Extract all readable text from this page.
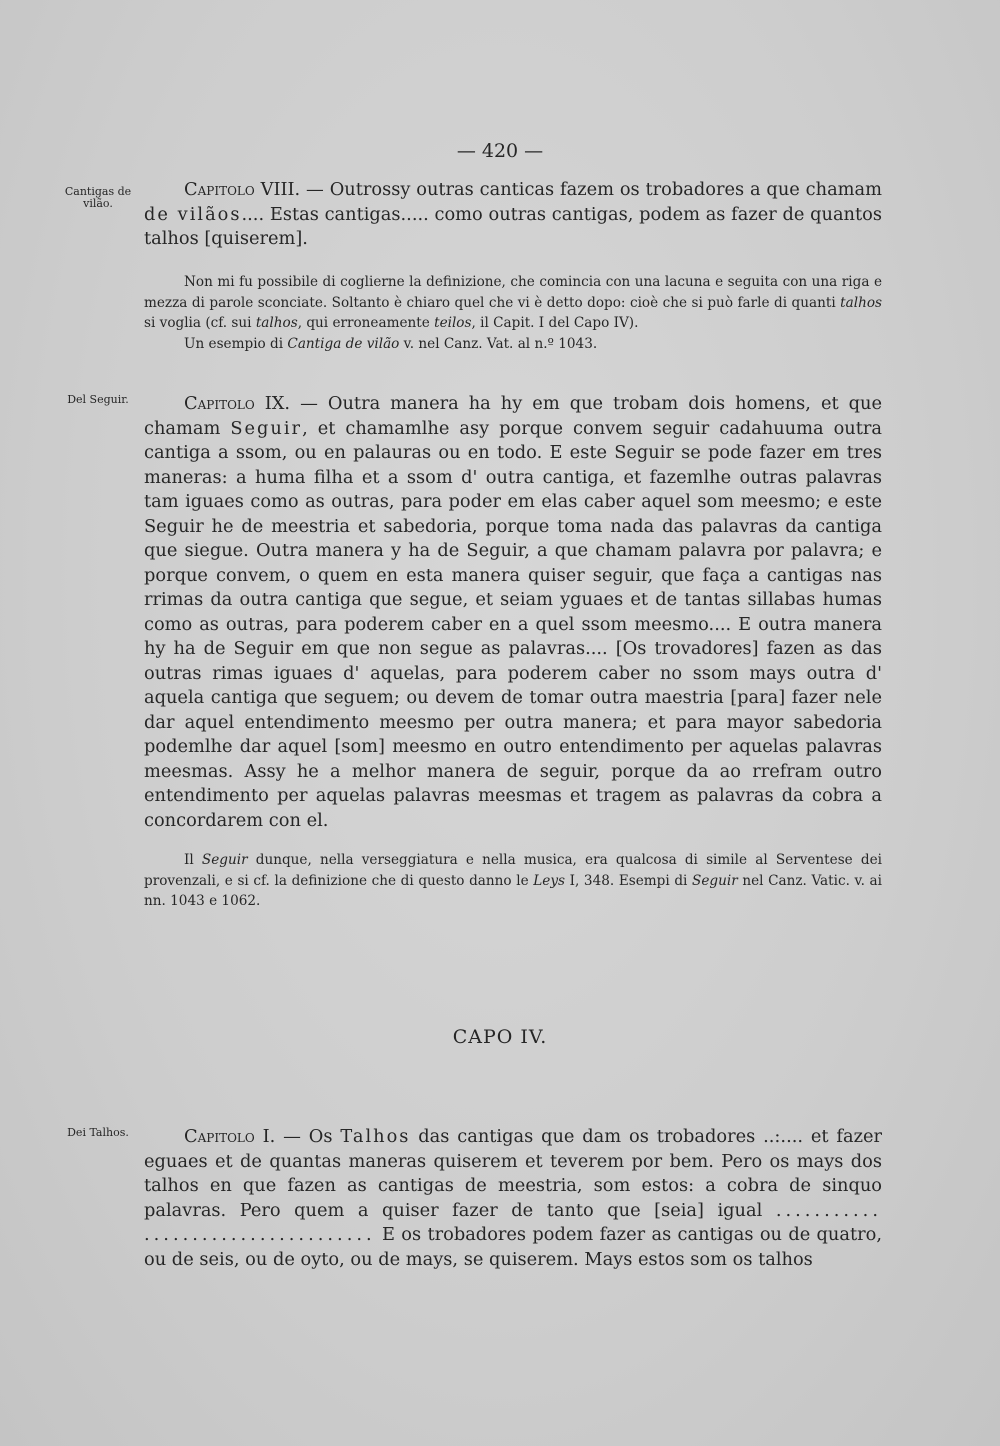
— 420 —
Cantigas de vilão.
Del Seguir.
Dei Talhos.

Capitolo VIII. — Outrossy outras canticas fazem os trobadores a que chamam de vilãos.... Estas cantigas..... como outras cantigas, podem as fazer de quantos talhos [quiserem].

Non mi fu possibile di coglierne la definizione, che comincia con una lacuna e seguita con una riga e mezza di parole sconciate. Soltanto è chiaro quel che vi è detto dopo: cioè che si può farle di quanti talhos si voglia (cf. sui talhos, qui erroneamente teilos, il Capit. I del Capo IV).

Un esempio di Cantiga de vilão v. nel Canz. Vat. al n.º 1043.

Capitolo IX. — Outra manera ha hy em que trobam dois homens, et que chamam Seguir, et chamamlhe asy porque convem seguir cadahuuma outra cantiga a ssom, ou en palauras ou en todo. E este Seguir se pode fazer em tres maneras: a huma filha et a ssom d' outra cantiga, et fazemlhe outras palavras tam iguaes como as outras, para poder em elas caber aquel som meesmo; e este Seguir he de meestria et sabedoria, porque toma nada das palavras da cantiga que siegue. Outra manera y ha de Seguir, a que chamam palavra por palavra; e porque convem, o quem en esta manera quiser seguir, que faça a cantigas nas rrimas da outra cantiga que segue, et seiam yguaes et de tantas sillabas humas como as outras, para poderem caber en a quel ssom meesmo.... E outra manera hy ha de Seguir em que non segue as palavras.... [Os trovadores] fazen as das outras rimas iguaes d' aquelas, para poderem caber no ssom mays outra d' aquela cantiga que seguem; ou devem de tomar outra maestria [para] fazer nele dar aquel entendimento meesmo per outra manera; et para mayor sabedoria podemlhe dar aquel [som] meesmo en outro entendimento per aquelas palavras meesmas. Assy he a melhor manera de seguir, porque da ao rrefram outro entendimento per aquelas palavras meesmas et tragem as palavras da cobra a concordarem con el.

Il Seguir dunque, nella verseggiatura e nella musica, era qualcosa di simile al Serventese dei provenzali, e si cf. la definizione che di questo danno le Leys I, 348. Esempi di Seguir nel Canz. Vatic. v. ai nn. 1043 e 1062.

CAPO IV.

Capitolo I. — Os Talhos das cantigas que dam os trobadores ..:.... et fazer eguaes et de quantas maneras quiserem et teverem por bem. Pero os mays dos talhos en que fazen as cantigas de meestria, som estos: a cobra de sinquo palavras. Pero quem a quiser fazer de tanto que [seia] igual ........... ........................ E os trobadores podem fazer as cantigas ou de quatro, ou de seis, ou de oyto, ou de mays, se quiserem. Mays estos som os talhos
